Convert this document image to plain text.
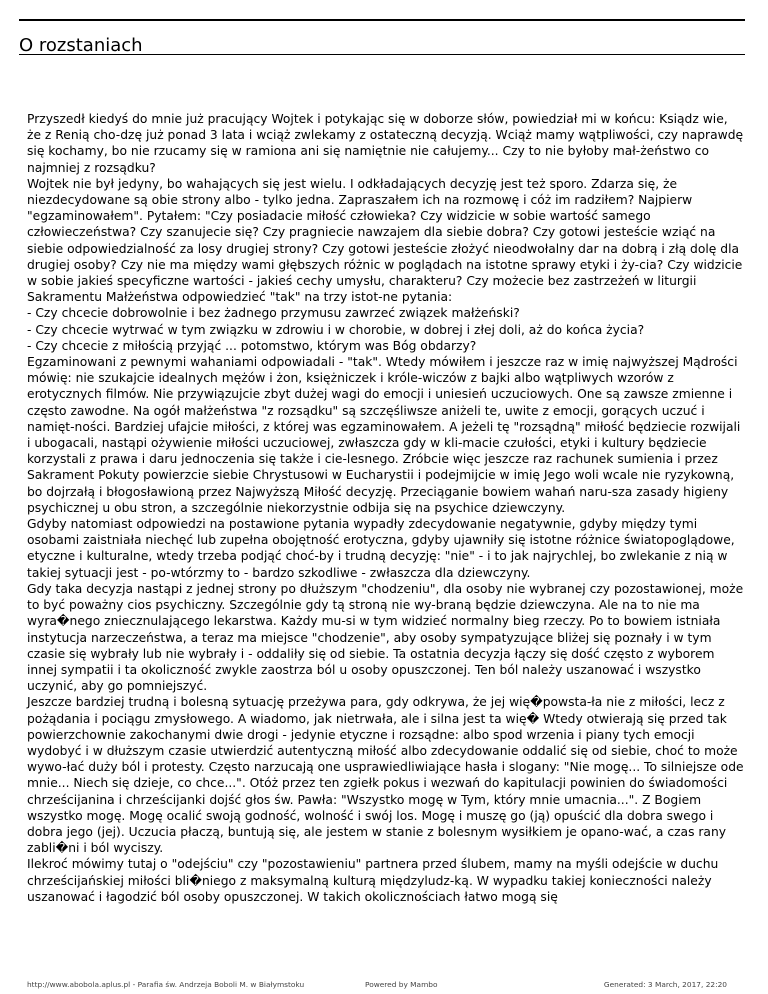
O rozstaniach

Przyszedł kiedyś do mnie już pracujący Wojtek i potykając się w doborze słów, powiedział mi w końcu: Ksiądz wie, że z Renią cho-dzę już ponad 3 lata i wciąż zwlekamy z ostateczną decyzją. Wciąż mamy wątpliwości, czy naprawdę się kochamy, bo nie rzucamy się w ramiona ani się namiętnie nie całujemy... Czy to nie byłoby mał-żeństwo co najmniej z rozsądku?

Wojtek nie był jedyny, bo wahających się jest wielu. I odkładających decyzję jest też sporo. Zdarza się, że niezdecydowane są obie strony albo - tylko jedna. Zapraszałem ich na rozmowę i cóż im radziłem? Najpierw "egzaminowałem". Pytałem: "Czy posiadacie miłość człowieka? Czy widzicie w sobie wartość samego człowieczeństwa? Czy szanujecie się? Czy pragniecie nawzajem dla siebie dobra? Czy gotowi jesteście wziąć na siebie odpowiedzialność za losy drugiej strony? Czy gotowi jesteście złożyć nieodwołalny dar na dobrą i złą dolę dla drugiej osoby? Czy nie ma między wami głębszych różnic w poglądach na istotne sprawy etyki i ży-cia? Czy widzicie w sobie jakieś specyficzne wartości - jakieś cechy umysłu, charakteru? Czy możecie bez zastrzeżeń w liturgii Sakramentu Małżeństwa odpowiedzieć "tak" na trzy istot-ne pytania:

- Czy chcecie dobrowolnie i bez żadnego przymusu zawrzeć związek małżeński?

- Czy chcecie wytrwać w tym związku w zdrowiu i w chorobie, w dobrej i złej doli, aż do końca życia?

- Czy chcecie z miłością przyjąć ... potomstwo, którym was Bóg obdarzy?

Egzaminowani z pewnymi wahaniami odpowiadali - "tak". Wtedy mówiłem i jeszcze raz w imię najwyższej Mądrości mówię: nie szukajcie idealnych mężów i żon, księżniczek i króle-wiczów z bajki albo wątpliwych wzorów z erotycznych filmów. Nie przywiązujcie zbyt dużej wagi do emocji i uniesień uczuciowych. One są zawsze zmienne i często zawodne. Na ogół małżeństwa "z rozsądku" są szczęśliwsze aniżeli te, uwite z emocji, gorących uczuć i namięt-ności. Bardziej ufajcie miłości, z której was egzaminowałem. A jeżeli tę "rozsądną" miłość będziecie rozwijali i ubogacali, nastąpi ożywienie miłości uczuciowej, zwłaszcza gdy w kli-macie czułości, etyki i kultury będziecie korzystali z prawa i daru jednoczenia się także i cie-lesnego. Zróbcie więc jeszcze raz rachunek sumienia i przez Sakrament Pokuty powierzcie siebie Chrystusowi w Eucharystii i podejmijcie w imię Jego woli wcale nie ryzykowną, bo dojrzałą i błogosławioną przez Najwyższą Miłość decyzję. Przeciąganie bowiem wahań naru-sza zasady higieny psychicznej u obu stron, a szczególnie niekorzystnie odbija się na psychice dziewczyny.

Gdyby natomiast odpowiedzi na postawione pytania wypadły zdecydowanie negatywnie, gdyby między tymi osobami zaistniała niechęć lub zupełna obojętność erotyczna, gdyby ujawniły się istotne różnice światopoglądowe, etyczne i kulturalne, wtedy trzeba podjąć choć-by i trudną decyzję: "nie" - i to jak najrychlej, bo zwlekanie z nią w takiej sytuacji jest - po-wtórzmy to - bardzo szkodliwe - zwłaszcza dla dziewczyny.

Gdy taka decyzja nastąpi z jednej strony po dłuższym "chodzeniu", dla osoby nie wybranej czy pozostawionej, może to być poważny cios psychiczny. Szczególnie gdy tą stroną nie wy-braną będzie dziewczyna. Ale na to nie ma wyra�nego zniecznulającego lekarstwa. Każdy mu-si w tym widzieć normalny bieg rzeczy. Po to bowiem istniała instytucja narzeczeństwa, a teraz ma miejsce "chodzenie", aby osoby sympatyzujące bliżej się poznały i w tym czasie się wybrały lub nie wybrały i - oddaliły się od siebie. Ta ostatnia decyzja łączy się dość często z wyborem innej sympatii i ta okoliczność zwykle zaostrza ból u osoby opuszczonej. Ten ból należy uszanować i wszystko uczynić, aby go pomniejszyć.

Jeszcze bardziej trudną i bolesną sytuację przeżywa para, gdy odkrywa, że jej wię�powsta-ła nie z miłości, lecz z pożądania i pociągu zmysłowego. A wiadomo, jak nietrwała, ale i silna jest ta wię� Wtedy otwierają się przed tak powierzchownie zakochanymi dwie drogi - jedynie etyczne i rozsądne: albo spod wrzenia i piany tych emocji wydobyć i w dłuższym czasie utwierdzić autentyczną miłość albo zdecydowanie oddalić się od siebie, choć to może wywo-łać duży ból i protesty. Często narzucają one usprawiedliwiające hasła i slogany: "Nie mogę... To silniejsze ode mnie... Niech się dzieje, co chce...". Otóż przez ten zgiełk pokus i wezwań do kapitulacji powinien do świadomości chrześcijanina i chrześcijanki dojść głos św. Pawła: "Wszystko mogę w Tym, który mnie umacnia...". Z Bogiem wszystko mogę. Mogę ocalić swoją godność, wolność i swój los. Mogę i muszę go (ją) opuścić dla dobra swego i dobra jego (jej). Uczucia płaczą, buntują się, ale jestem w stanie z bolesnym wysiłkiem je opano-wać, a czas rany zabli�ni i ból wyciszy.

Ilekroć mówimy tutaj o "odejściu" czy "pozostawieniu" partnera przed ślubem, mamy na myśli odejście w duchu chrześcijańskiej miłości bli�niego z maksymalną kulturą międzyludz-ką. W wypadku takiej konieczności należy uszanować i łagodzić ból osoby opuszczonej. W takich okolicznościach łatwo mogą się

http://www.abobola.aplus.pl - Parafia św. Andrzeja Boboli M. w Białymstoku	Powered by Mambo	Generated: 3 March, 2017, 22:20
